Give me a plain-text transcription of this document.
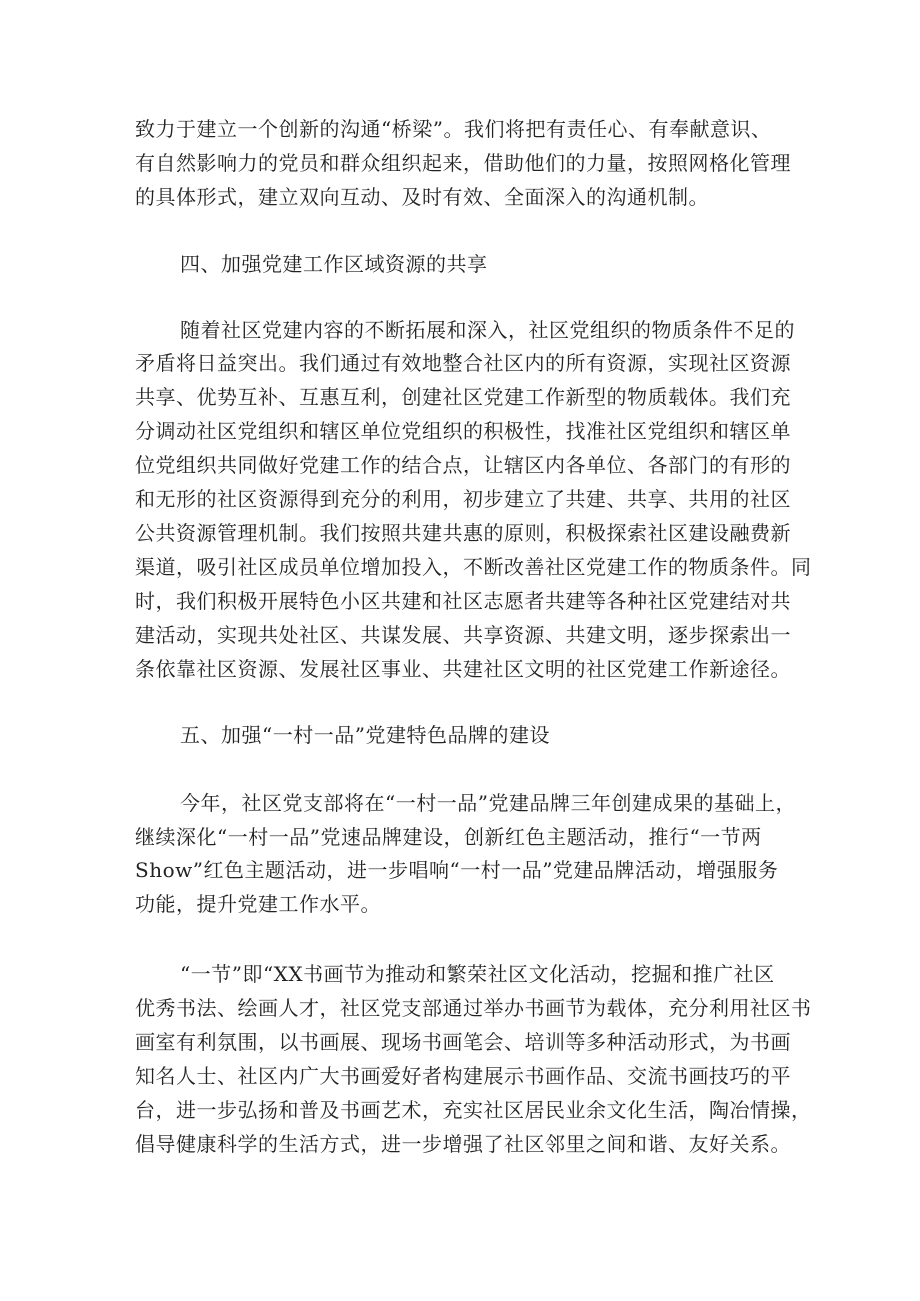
致力于建立一个创新的沟通“桥梁”。我们将把有责任心、有奉献意识、
有自然影响力的党员和群众组织起来，借助他们的力量，按照网格化管理
的具体形式，建立双向互动、及时有效、全面深入的沟通机制。
四、加强党建工作区域资源的共享
随着社区党建内容的不断拓展和深入，社区党组织的物质条件不足的
矛盾将日益突出。我们通过有效地整合社区内的所有资源，实现社区资源
共享、优势互补、互惠互利，创建社区党建工作新型的物质载体。我们充
分调动社区党组织和辖区单位党组织的积极性，找准社区党组织和辖区单
位党组织共同做好党建工作的结合点，让辖区内各单位、各部门的有形的
和无形的社区资源得到充分的利用，初步建立了共建、共享、共用的社区
公共资源管理机制。我们按照共建共惠的原则，积极探索社区建设融费新
渠道，吸引社区成员单位增加投入，不断改善社区党建工作的物质条件。同
时，我们积极开展特色小区共建和社区志愿者共建等各种社区党建结对共
建活动，实现共处社区、共谋发展、共享资源、共建文明，逐步探索出一
条依靠社区资源、发展社区事业、共建社区文明的社区党建工作新途径。
五、加强“一村一品”党建特色品牌的建设
今年，社区党支部将在“一村一品”党建品牌三年创建成果的基础上，
继续深化“一村一品”党速品牌建设，创新红色主题活动，推行“一节两
Show”红色主题活动，进一步唱响“一村一品”党建品牌活动，增强服务
功能，提升党建工作水平。
“一节”即“XX书画节为推动和繁荣社区文化活动，挖掘和推广社区
优秀书法、绘画人才，社区党支部通过举办书画节为载体，充分利用社区书
画室有利氛围，以书画展、现场书画笔会、培训等多种活动形式，为书画
知名人士、社区内广大书画爱好者构建展示书画作品、交流书画技巧的平
台，进一步弘扬和普及书画艺术，充实社区居民业余文化生活，陶冶情操，
倡导健康科学的生活方式，进一步增强了社区邻里之间和谐、友好关系。
